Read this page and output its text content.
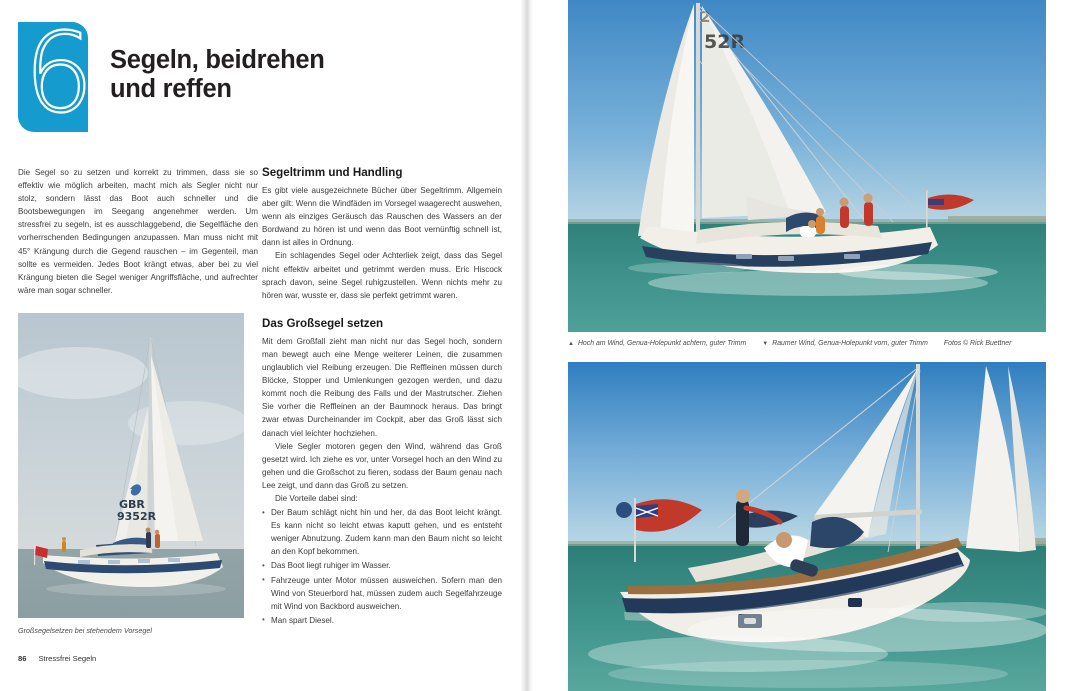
6 Segeln, beidrehen
und reffen

Die Segel so zu setzen und korrekt zu trimmen, dass sie so effektiv wie möglich arbeiten, macht mich als Segler nicht nur stolz, sondern lässt das Boot auch schneller und die Bootsbewegungen im Seegang angenehmer werden. Um stressfrei zu segeln, ist es ausschlaggebend, die Segelfläche den vorherrschenden Bedingungen anzupassen. Man muss nicht mit 45° Krängung durch die Gegend rauschen – im Gegenteil, man sollte es vermeiden. Jedes Boot krängt etwas, aber bei zu viel Krängung bieten die Segel weniger Angriffsfläche, und aufrechter wäre man sogar schneller.

Segeltrimm und Handling

Es gibt viele ausgezeichnete Bücher über Segeltrimm. Allgemein aber gilt: Wenn die Windfäden im Vorsegel waagerecht auswehen, wenn als einziges Geräusch das Rauschen des Wassers an der Bordwand zu hören ist und wenn das Boot vernünftig schnell ist, dann ist alles in Ordnung.

Ein schlagendes Segel oder Achterliek zeigt, dass das Segel nicht effektiv arbeitet und getrimmt werden muss. Eric Hiscock sprach davon, seine Segel ruhigzustellen. Wenn nichts mehr zu hören war, wusste er, dass sie perfekt getrimmt waren.

Das Großsegel setzen

Mit dem Großfall zieht man nicht nur das Segel hoch, sondern man bewegt auch eine Menge weiterer Leinen, die zusammen unglaublich viel Reibung erzeugen. Die Reffleinen müssen durch Blöcke, Stopper und Umlenkungen gezogen werden, und dazu kommt noch die Reibung des Falls und der Mastrutscher. Ziehen Sie vorher die Reffleinen an der Baumnock heraus. Das bringt zwar etwas Durcheinander im Cockpit, aber das Groß lässt sich danach viel leichter hochziehen.

Viele Segler motoren gegen den Wind, während das Groß gesetzt wird. Ich ziehe es vor, unter Vorsegel hoch an den Wind zu gehen und die Großschot zu fieren, sodass der Baum genau nach Lee zeigt, und dann das Groß zu setzen.

Die Vorteile dabei sind:

• Der Baum schlägt nicht hin und her, da das Boot leicht krängt. Es kann nicht so leicht etwas kaputt gehen, und es entsteht weniger Abnutzung. Zudem kann man den Baum nicht so leicht an den Kopf bekommen.
• Das Boot liegt ruhiger im Wasser.
• Fahrzeuge unter Motor müssen ausweichen. Sofern man den Wind von Steuerbord hat, müssen zudem auch Segelfahrzeuge mit Wind von Backbord ausweichen.
• Man spart Diesel.
GBR
9352R
Großsegelsetzen bei stehendem Vorsegel
86 Stressfrei Segeln
52R
2
▲ Hoch am Wind, Genua-Holepunkt achtern, guter Trimm	▼ Raumer Wind, Genua-Holepunkt vorn, guter Trimm Fotos © Rick Buettner
